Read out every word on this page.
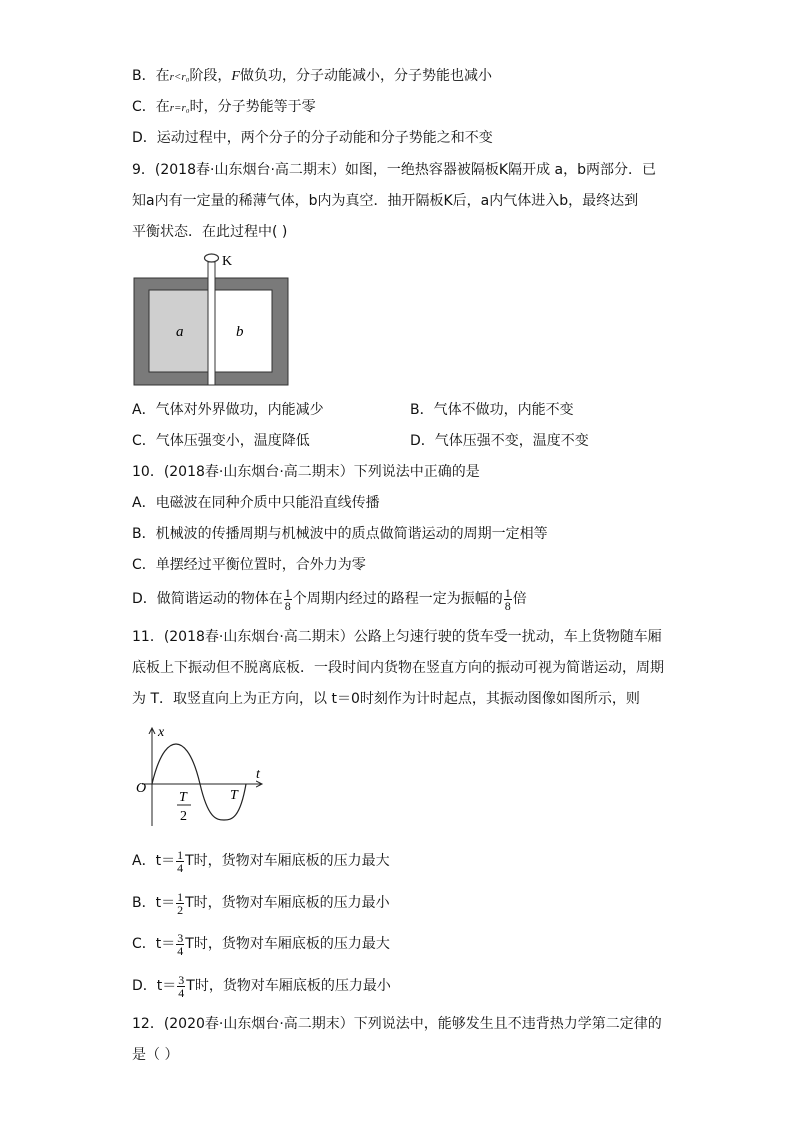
B．在r<r₀阶段，F做负功，分子动能减小，分子势能也减小
C．在r=r₀时，分子势能等于零
D．运动过程中，两个分子的分子动能和分子势能之和不变
9．(2018春·山东烟台·高二期末）如图，一绝热容器被隔板K隔开成 a，b两部分．已
知a内有一定量的稀薄气体，b内为真空．抽开隔板K后，a内气体进入b，最终达到
平衡状态．在此过程中( )
K
a	b
A．气体对外界做功，内能减少	B．气体不做功，内能不变
C．气体压强变小，温度降低	D．气体压强不变，温度不变
10．(2018春·山东烟台·高二期末）下列说法中正确的是
A．电磁波在同种介质中只能沿直线传播
B．机械波的传播周期与机械波中的质点做简谐运动的周期一定相等
C．单摆经过平衡位置时，合外力为零
D．做简谐运动的物体在 $\frac{1}{8}$ 个周期内经过的路程一定为振幅的 $\frac{1}{8}$ 倍
11．(2018春·山东烟台·高二期末）公路上匀速行驶的货车受一扰动，车上货物随车厢
底板上下振动但不脱离底板．一段时间内货物在竖直方向的振动可视为简谐运动，周期
为 T．取竖直向上为正方向，以 t＝0时刻作为计时起点，其振动图像如图所示，则
x
t
O
T
2
T
A．$t= \frac{1}{4}$ T时，货物对车厢底板的压力最大
B．$t= \frac{1}{2}$ T时，货物对车厢底板的压力最小
C．$t= \frac{3}{4}$ T时，货物对车厢底板的压力最大
D．$t= \frac{3}{4}$ T时，货物对车厢底板的压力最小
12．(2020春·山东烟台·高二期末）下列说法中，能够发生且不违背热力学第二定律的
是（ ）
